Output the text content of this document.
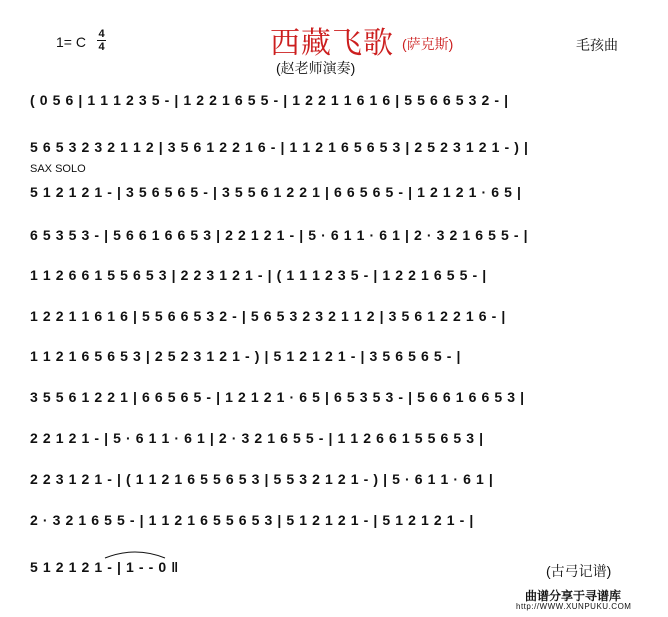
1= C 4
4	西藏飞歌 (萨克斯)
(赵老师演奏)
毛孩曲
( 0 5 6 | 1 1 1 2 3 5 - | 1 2 2 1 6 5 5 - | 1 2 2 1 1 6 1 6 | 5 5 6 6 5 3 2 - |
5 6 5 3 2 3 2 1 1 2 | 3 5 6 1 2 2 1 6 - | 1 1 2 1 6 5 6 5 3 | 2 5 2 3 1 2 1 - ) |
SAX SOLO
5 1 2 1 2 1 - | 3 5 6 5 6 5 - | 3 5 5 6 1 2 2 1 | 6 6 5 6 5 - | 1 2 1 2 1 · 6 5 |
6 5 3 5 3 - | 5 6 6 1 6 6 5 3 | 2 2 1 2 1 - | 5 · 6 1 1 · 6 1 | 2 · 3 2 1 6 5 5 - |
1 1 2 6 6 1 5 5 6 5 3 | 2 2 3 1 2 1 - | ( 1 1 1 2 3 5 - | 1 2 2 1 6 5 5 - |
1 2 2 1 1 6 1 6 | 5 5 6 6 5 3 2 - | 5 6 5 3 2 3 2 1 1 2 | 3 5 6 1 2 2 1 6 - |
1 1 2 1 6 5 6 5 3 | 2 5 2 3 1 2 1 - ) | 5 1 2 1 2 1 - | 3 5 6 5 6 5 - |
3 5 5 6 1 2 2 1 | 6 6 5 6 5 - | 1 2 1 2 1 · 6 5 | 6 5 3 5 3 - | 5 6 6 1 6 6 5 3 |
2 2 1 2 1 - | 5 · 6 1 1 · 6 1 | 2 · 3 2 1 6 5 5 - | 1 1 2 6 6 1 5 5 6 5 3 |
2 2 3 1 2 1 - | ( 1 1 2 1 6 5 5 6 5 3 | 5 5 3 2 1 2 1 - ) | 5 · 6 1 1 · 6 1 |
2 · 3 2 1 6 5 5 - | 1 1 2 1 6 5 5 6 5 3 | 5 1 2 1 2 1 - | 5 1 2 1 2 1 - |
5 1 2 1 2 1 - | 1 - - 0 ‖	(古弓记谱)
曲谱分享于寻谱库
http://WWW.XUNPUKU.COM
